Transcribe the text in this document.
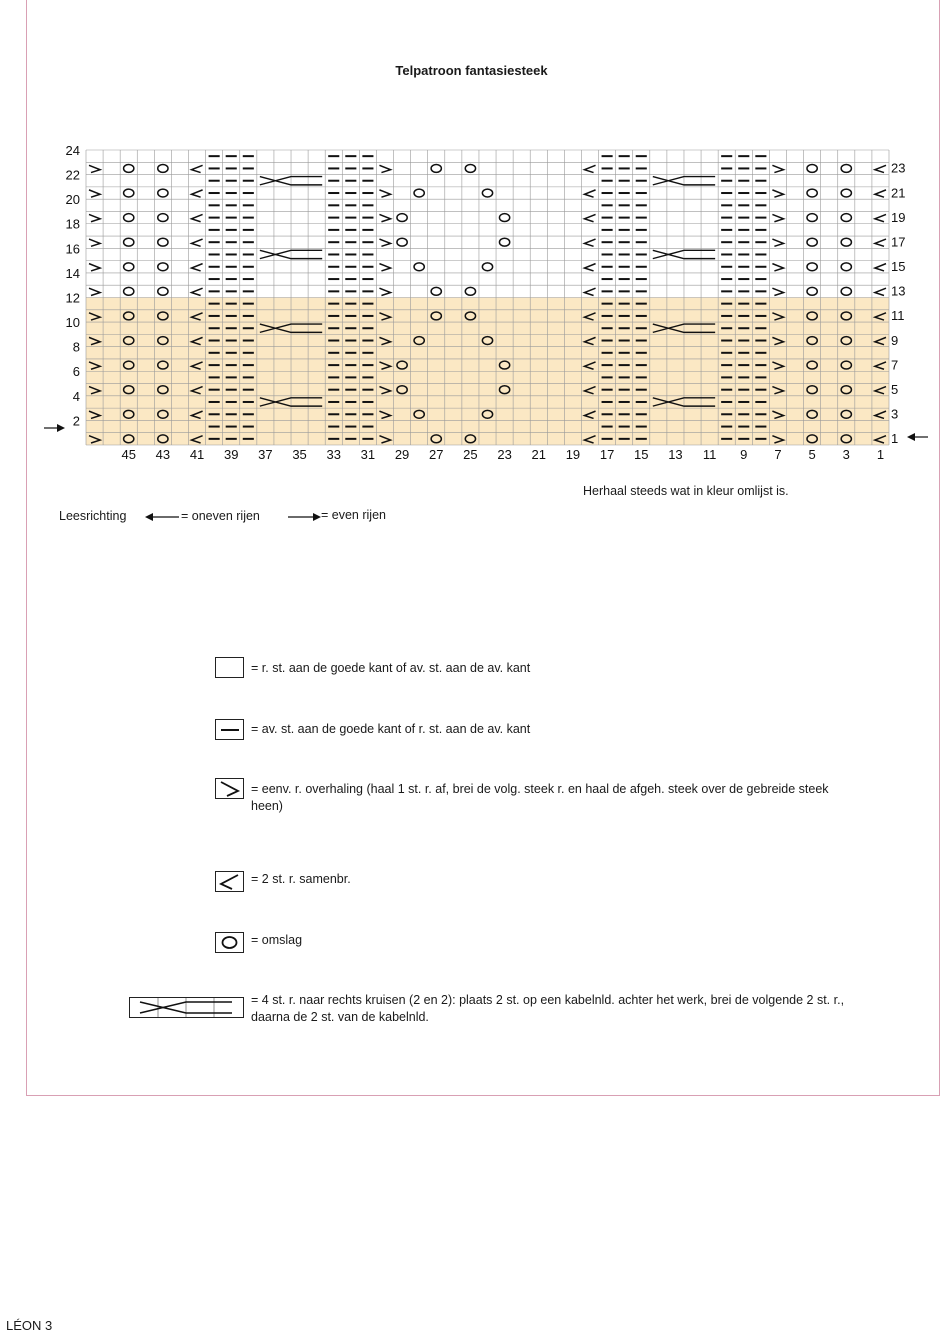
Telpatroon fantasiesteek
24
22
20
18
16
14
12
10
8
6
4
2
23
21
19
17
15
13
11
9
7
5
3
1
45 43 41 39 37 35 33 31 29 27 25 23 21 19 17 15 13 11 9 7 5 3 1
Herhaal steeds wat in kleur omlijst is.
Leesrichting	= oneven rijen	= even rijen
= r. st. aan de goede kant of av. st. aan de av. kant
= av. st. aan de goede kant of r. st. aan de av. kant
= eenv. r. overhaling (haal 1 st. r. af, brei de volg. steek r. en haal de afgeh. steek over de gebreide steek heen)
= 2 st. r. samenbr.
= omslag
= 4 st. r. naar rechts kruisen (2 en 2): plaats 2 st. op een kabelnld. achter het werk, brei de volgende 2 st. r., daarna de 2 st. van de kabelnld.
LÉON 3
